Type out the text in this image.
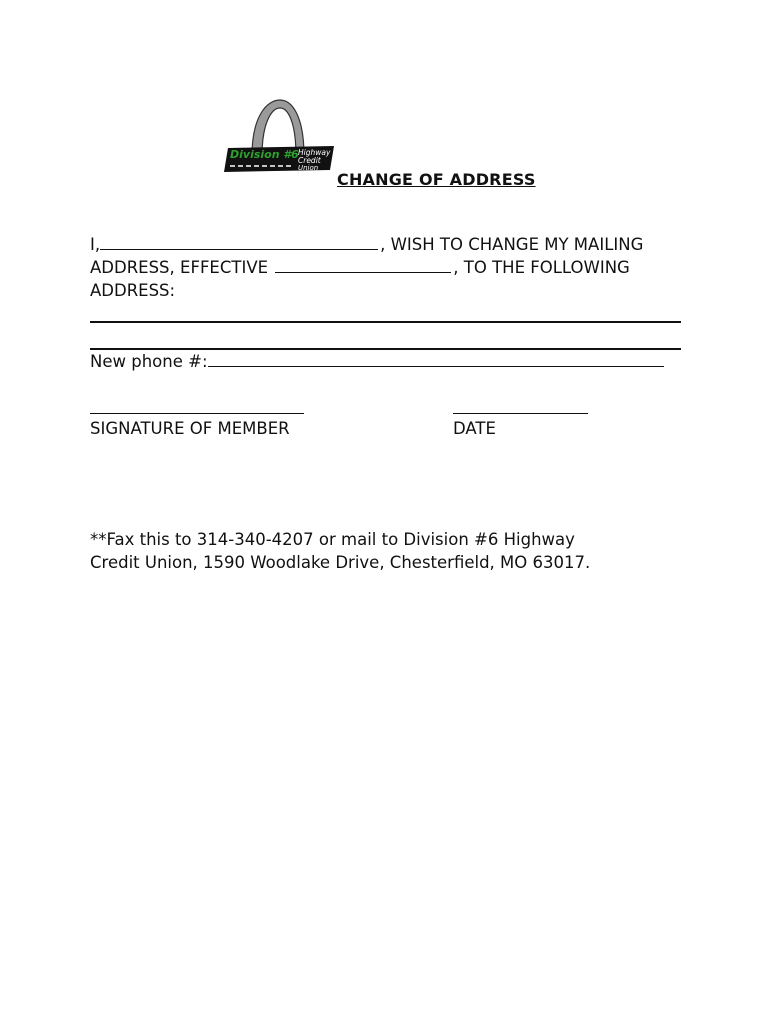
Division #6 Highway
Credit
Union
CHANGE OF ADDRESS
I,	, WISH TO CHANGE MY MAILING
ADDRESS, EFFECTIVE	, TO THE FOLLOWING
ADDRESS:
New phone #:
SIGNATURE OF MEMBER	DATE
**Fax this to 314-340-4207 or mail to Division #6 Highway
Credit Union, 1590 Woodlake Drive, Chesterfield, MO 63017.
